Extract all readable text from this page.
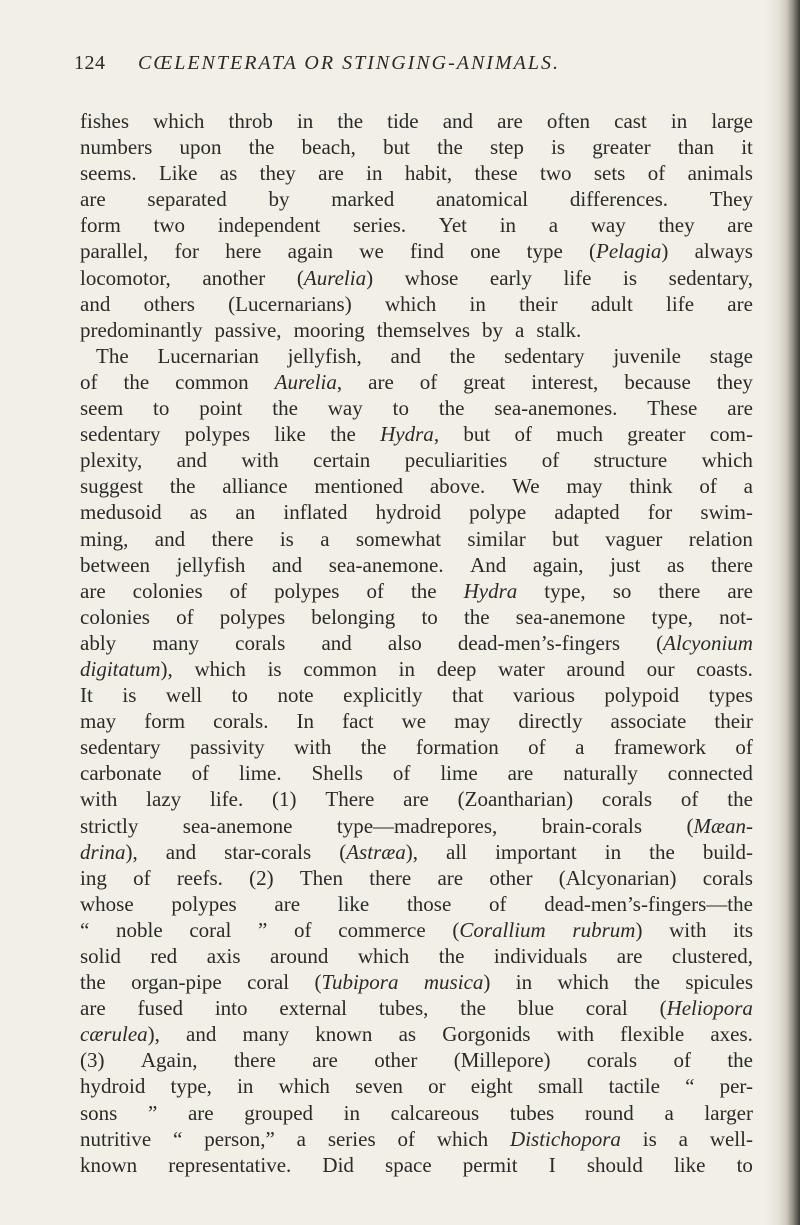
124 CŒLENTERATA OR STINGING-ANIMALS.
fishes which throb in the tide and are often cast in large
numbers upon the beach, but the step is greater than it
seems. Like as they are in habit, these two sets of animals
are separated by marked anatomical differences. They
form two independent series. Yet in a way they are
parallel, for here again we find one type (Pelagia) always
locomotor, another (Aurelia) whose early life is sedentary,
and others (Lucernarians) which in their adult life are
predominantly passive, mooring themselves by a stalk.
The Lucernarian jellyfish, and the sedentary juvenile stage
of the common Aurelia, are of great interest, because they
seem to point the way to the sea-anemones. These are
sedentary polypes like the Hydra, but of much greater com-
plexity, and with certain peculiarities of structure which
suggest the alliance mentioned above. We may think of a
medusoid as an inflated hydroid polype adapted for swim-
ming, and there is a somewhat similar but vaguer relation
between jellyfish and sea-anemone. And again, just as there
are colonies of polypes of the Hydra type, so there are
colonies of polypes belonging to the sea-anemone type, not-
ably many corals and also dead-men’s-fingers (Alcyonium
digitatum), which is common in deep water around our coasts.
It is well to note explicitly that various polypoid types
may form corals. In fact we may directly associate their
sedentary passivity with the formation of a framework of
carbonate of lime. Shells of lime are naturally connected
with lazy life. (1) There are (Zoantharian) corals of the
strictly sea-anemone type—madrepores, brain-corals (Mæan-
drina), and star-corals (Astræa), all important in the build-
ing of reefs. (2) Then there are other (Alcyonarian) corals
whose polypes are like those of dead-men’s-fingers—the
“ noble coral ” of commerce (Corallium rubrum) with its
solid red axis around which the individuals are clustered,
the organ-pipe coral (Tubipora musica) in which the spicules
are fused into external tubes, the blue coral (Heliopora
cærulea), and many known as Gorgonids with flexible axes.
(3) Again, there are other (Millepore) corals of the
hydroid type, in which seven or eight small tactile “ per-
sons ” are grouped in calcareous tubes round a larger
nutritive “ person,” a series of which Distichopora is a well-
known representative. Did space permit I should like to
